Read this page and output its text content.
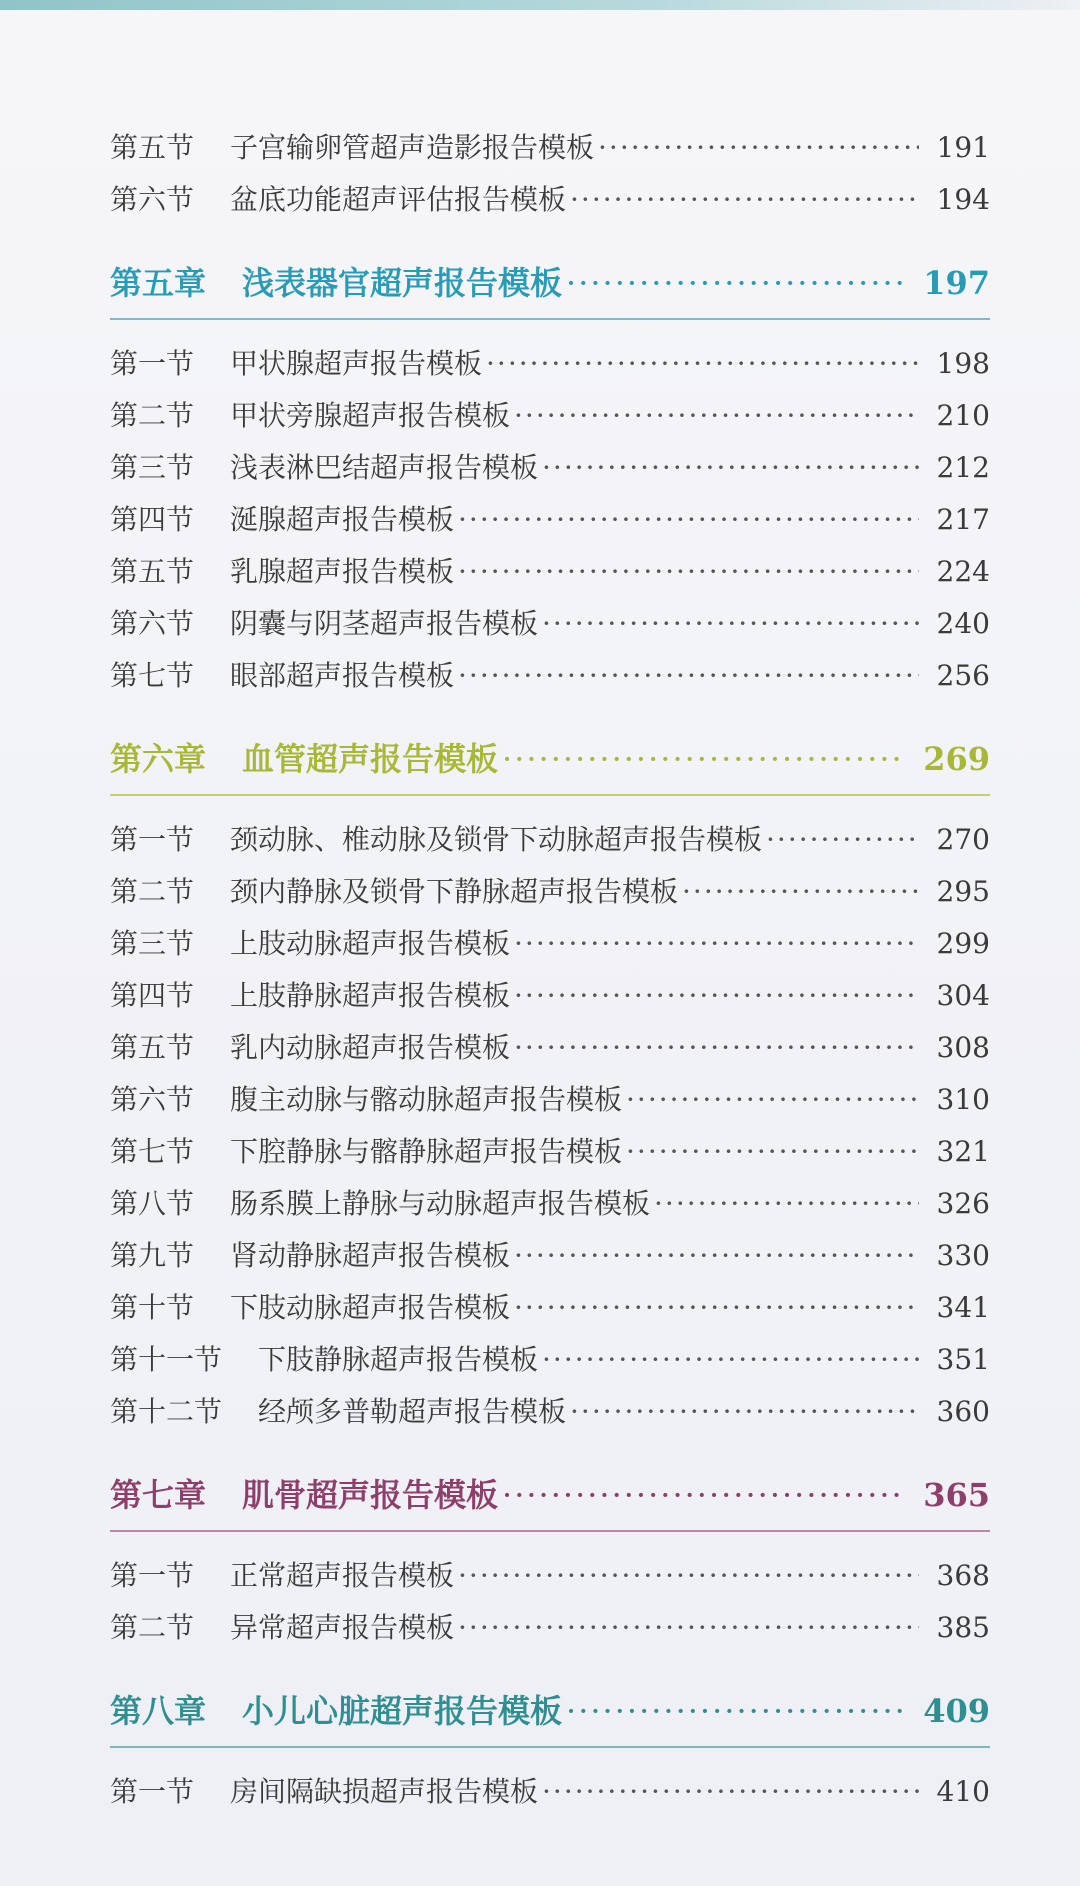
第五节 子宫输卵管超声造影报告模板 ·····	191
第六节 盆底功能超声评估报告模板 ·····	194
第五章 浅表器官超声报告模板 ·····	197
第一节 甲状腺超声报告模板 ·····	198
第二节 甲状旁腺超声报告模板 ·····	210
第三节 浅表淋巴结超声报告模板 ·····	212
第四节 涎腺超声报告模板 ·····	217
第五节 乳腺超声报告模板 ·····	224
第六节 阴囊与阴茎超声报告模板 ·····	240
第七节 眼部超声报告模板 ·····	256
第六章 血管超声报告模板 ·····	269
第一节 颈动脉、椎动脉及锁骨下动脉超声报告模板 ·····	270
第二节 颈内静脉及锁骨下静脉超声报告模板 ·····	295
第三节 上肢动脉超声报告模板 ·····	299
第四节 上肢静脉超声报告模板 ·····	304
第五节 乳内动脉超声报告模板 ·····	308
第六节 腹主动脉与髂动脉超声报告模板 ·····	310
第七节 下腔静脉与髂静脉超声报告模板 ·····	321
第八节 肠系膜上静脉与动脉超声报告模板 ·····	326
第九节 肾动静脉超声报告模板 ·····	330
第十节 下肢动脉超声报告模板 ·····	341
第十一节 下肢静脉超声报告模板 ·····	351
第十二节 经颅多普勒超声报告模板 ·····	360
第七章 肌骨超声报告模板 ·····	365
第一节 正常超声报告模板 ·····	368
第二节 异常超声报告模板 ·····	385
第八章 小儿心脏超声报告模板 ·····	409
第一节 房间隔缺损超声报告模板 ·····	410
